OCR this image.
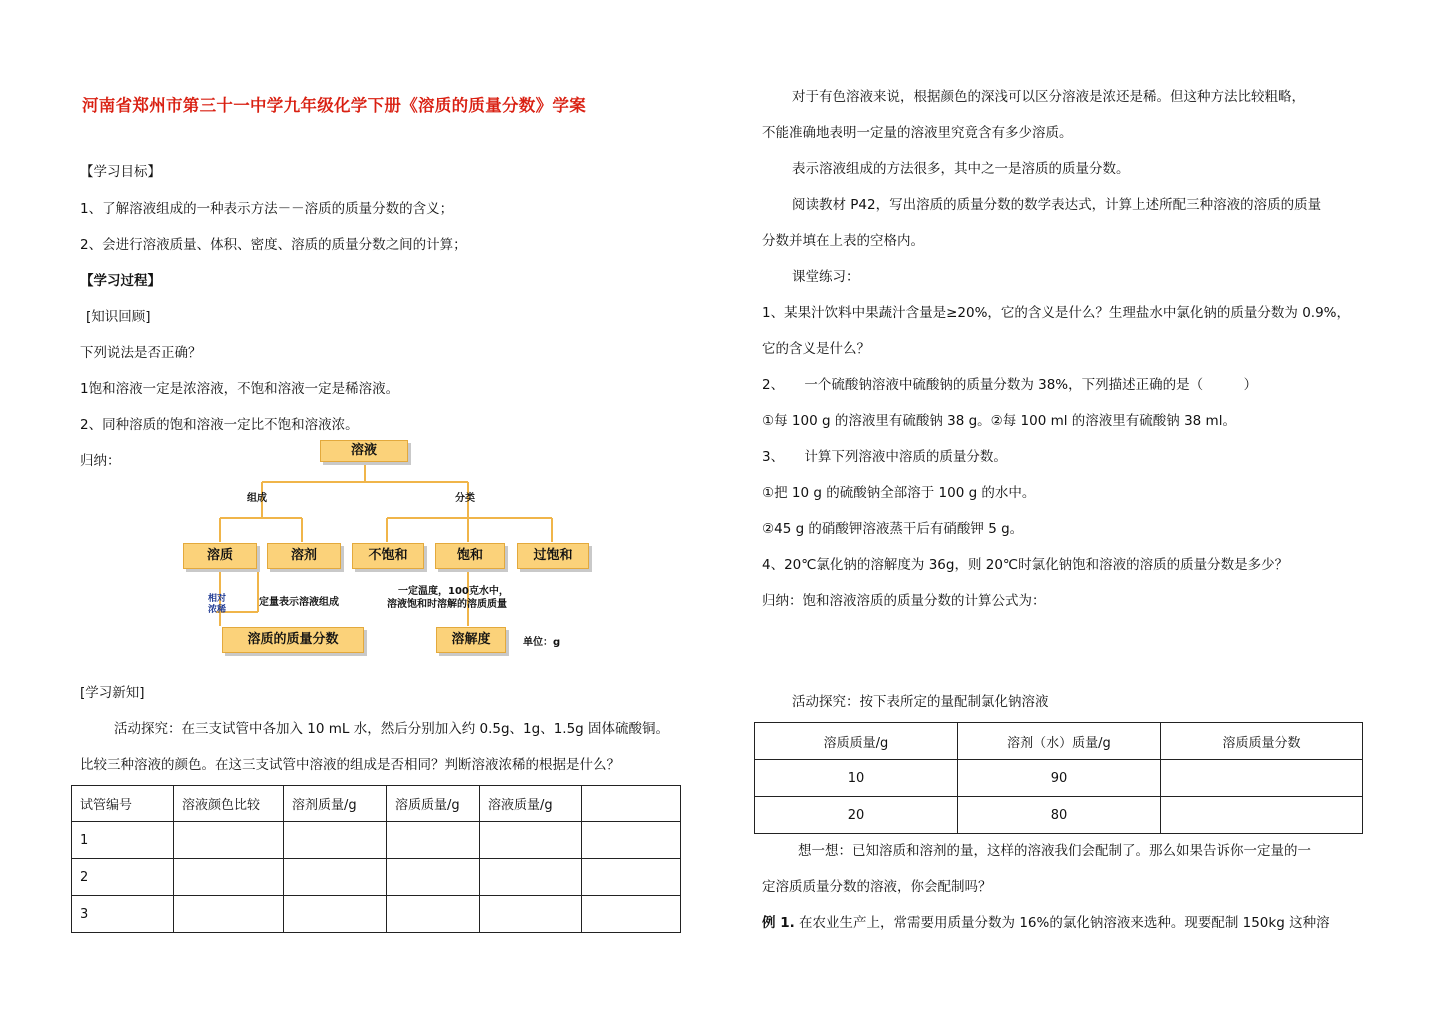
河南省郑州市第三十一中学九年级化学下册《溶质的质量分数》学案
【学习目标】
1、了解溶液组成的一种表示方法－－溶质的质量分数的含义；
2、会进行溶液质量、体积、密度、溶质的质量分数之间的计算；
【学习过程】
[知识回顾]
下列说法是否正确？
1饱和溶液一定是浓溶液，不饱和溶液一定是稀溶液。
2、同种溶质的饱和溶液一定比不饱和溶液浓。
归纳：
溶液
组成	分类
溶质	溶剂	不饱和	饱和	过饱和
相对
浓稀
定量表示溶液组成
一定温度，100克水中，
溶液饱和时溶解的溶质质量
溶质的质量分数	溶解度	单位：g
[学习新知]
活动探究：在三支试管中各加入 10 mL 水，然后分别加入约 0.5g、1g、1.5g 固体硫酸铜。
比较三种溶液的颜色。在这三支试管中溶液的组成是否相同？判断溶液浓稀的根据是什么？
试管编号	溶液颜色比较	溶剂质量/g	溶质质量/g	溶液质量/g	
1					
2					
3					
对于有色溶液来说，根据颜色的深浅可以区分溶液是浓还是稀。但这种方法比较粗略，
不能准确地表明一定量的溶液里究竟含有多少溶质。
表示溶液组成的方法很多，其中之一是溶质的质量分数。
阅读教材 P42，写出溶质的质量分数的数学表达式，计算上述所配三种溶液的溶质的质量
分数并填在上表的空格内。
课堂练习：
1、某果汁饮料中果蔬汁含量是≥20%，它的含义是什么？生理盐水中氯化钠的质量分数为 0.9%，
它的含义是什么？
2、　　一个硫酸钠溶液中硫酸钠的质量分数为 38%，下列描述正确的是（　　　）
①每 100 g 的溶液里有硫酸钠 38 g。②每 100 ml 的溶液里有硫酸钠 38 ml。
3、　　计算下列溶液中溶质的质量分数。
①把 10 g 的硫酸钠全部溶于 100 g 的水中。
②45 g 的硝酸钾溶液蒸干后有硝酸钾 5 g。
4、20℃氯化钠的溶解度为 36g，则 20℃时氯化钠饱和溶液的溶质的质量分数是多少？
归纳：饱和溶液溶质的质量分数的计算公式为：
活动探究：按下表所定的量配制氯化钠溶液
溶质质量/g	溶剂（水）质量/g	溶质质量分数
10	90	
20	80	
想一想：已知溶质和溶剂的量，这样的溶液我们会配制了。那么如果告诉你一定量的一
定溶质质量分数的溶液，你会配制吗？
例 1. 在农业生产上，常需要用质量分数为 16%的氯化钠溶液来选种。现要配制 150kg 这种溶
